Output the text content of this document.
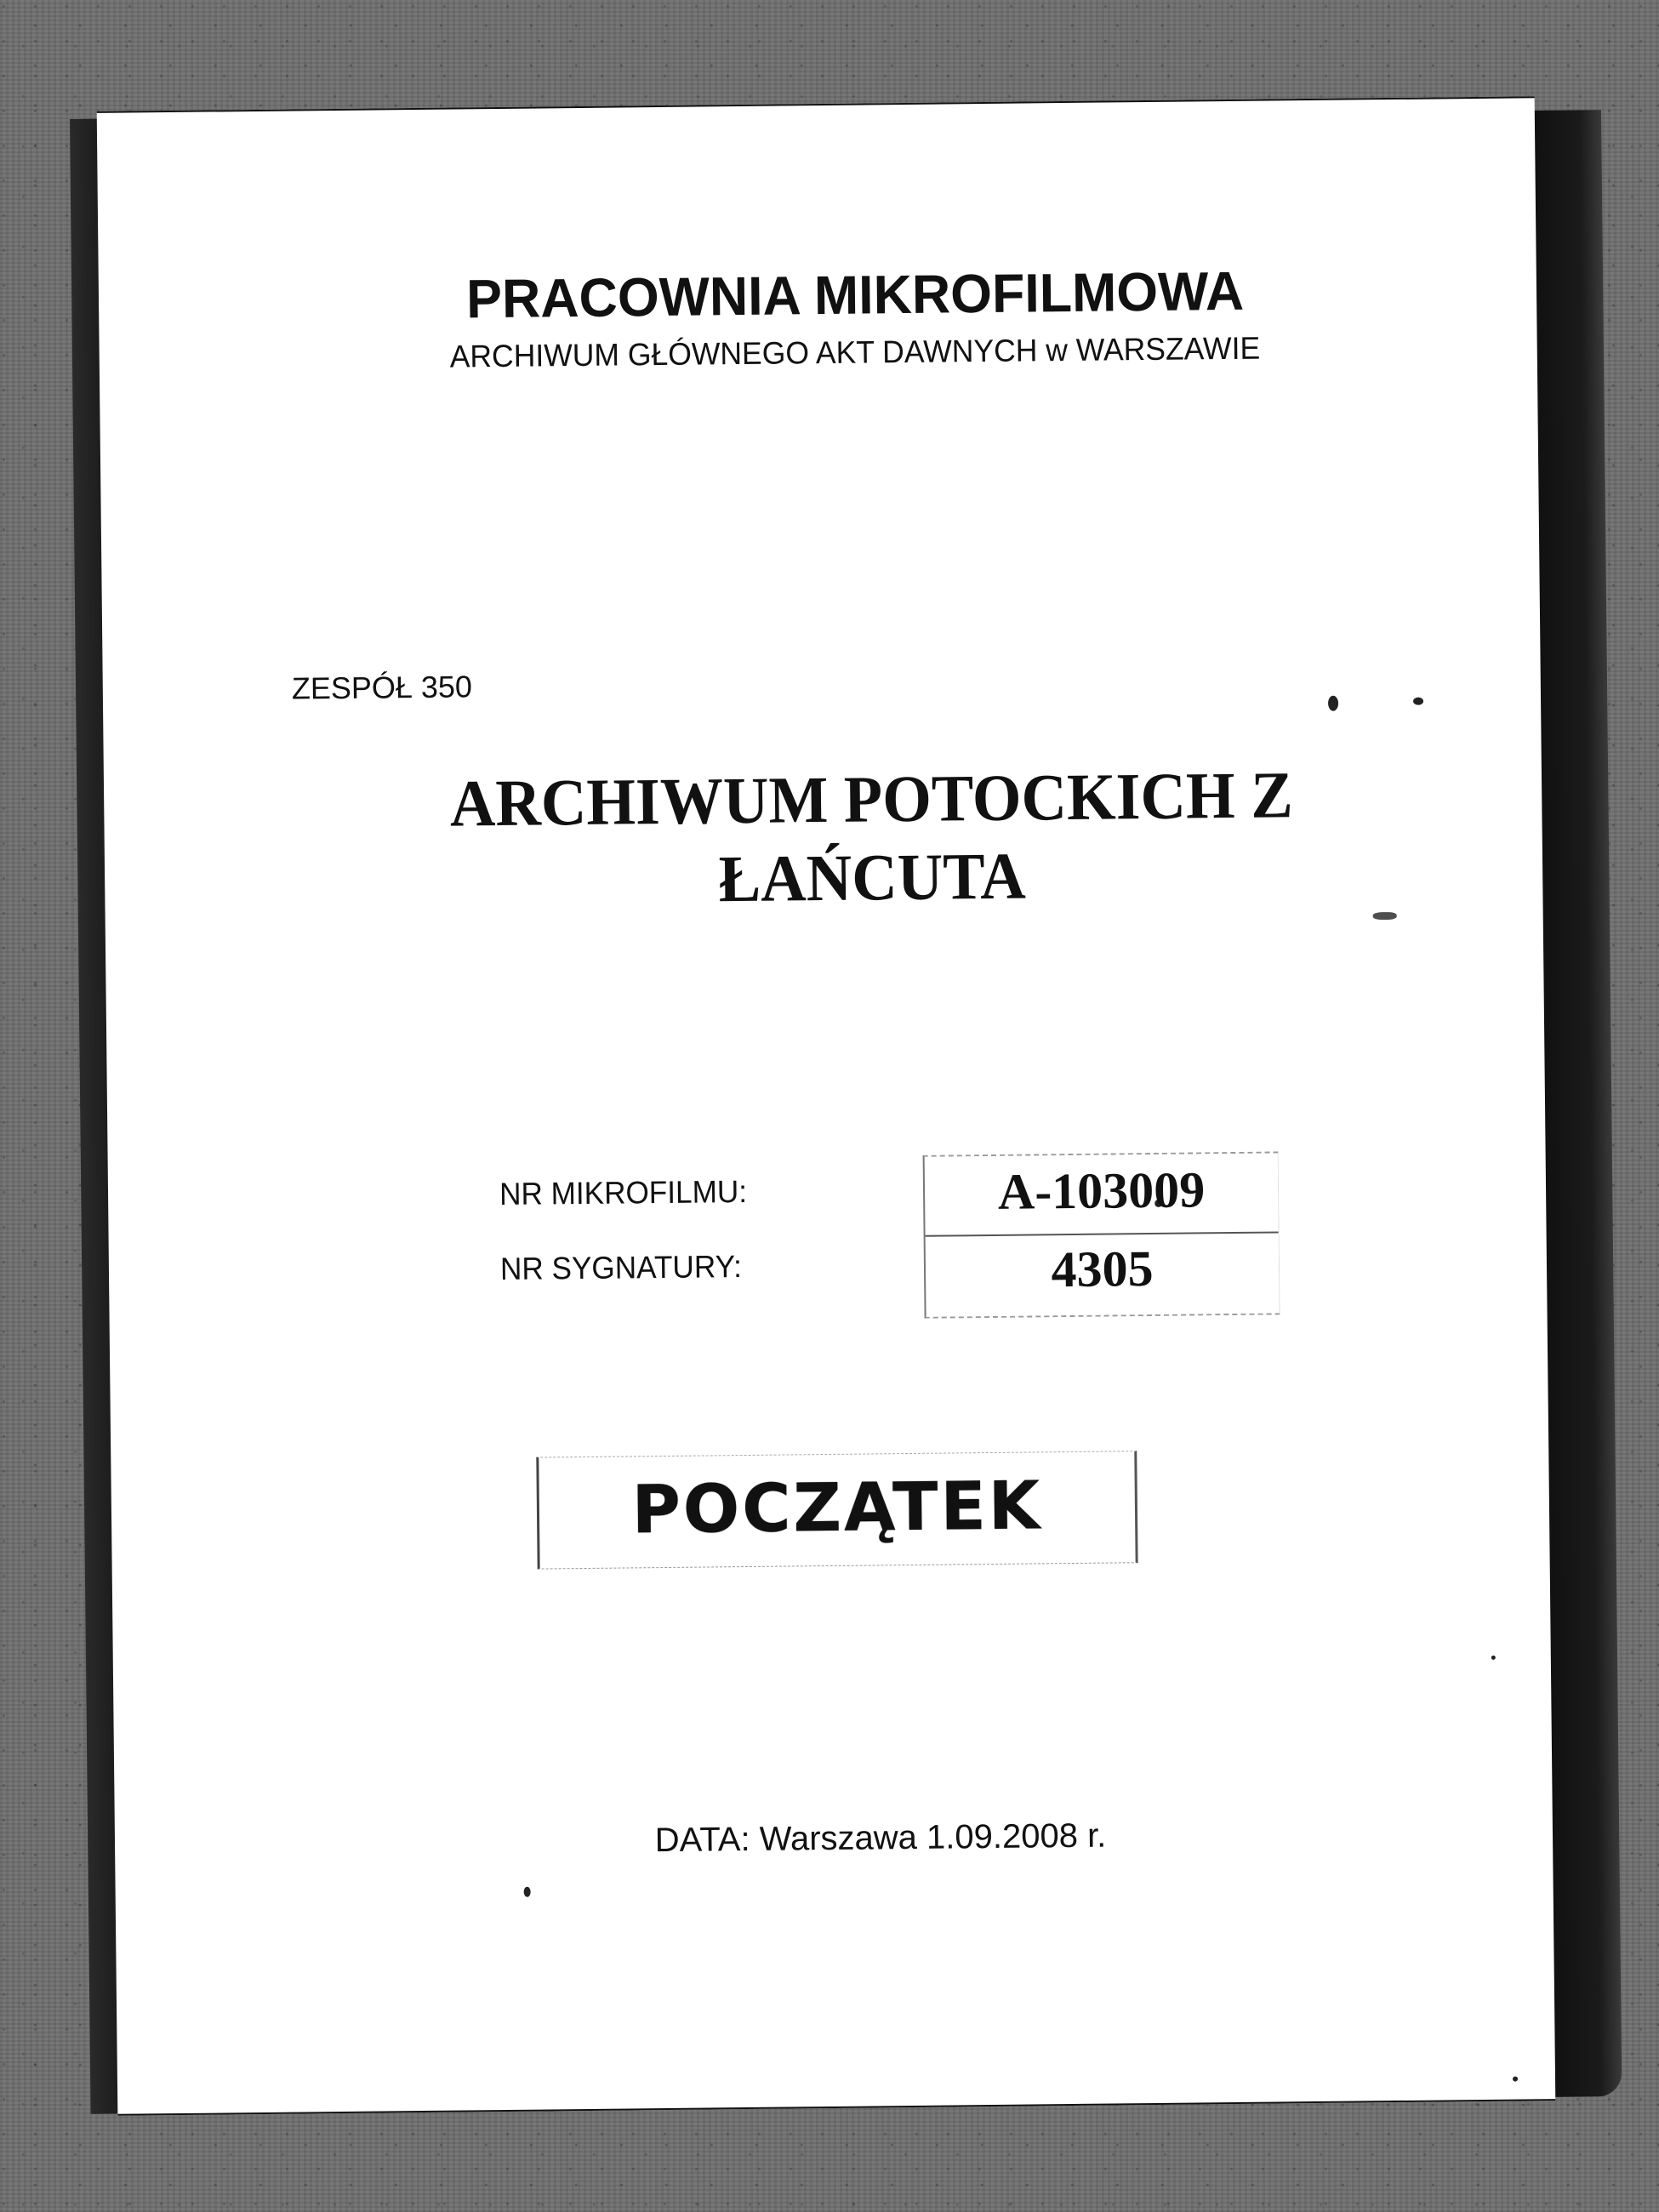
PRACOWNIA MIKROFILMOWA
ARCHIWUM GŁÓWNEGO AKT DAWNYCH w WARSZAWIE
ZESPÓŁ 350
ARCHIWUM POTOCKICH Z
ŁAŃCUTA
A-103009
4305
NR MIKROFILMU:
NR SYGNATURY:
POCZĄTEK
DATA: Warszawa 1.09.2008 r.
